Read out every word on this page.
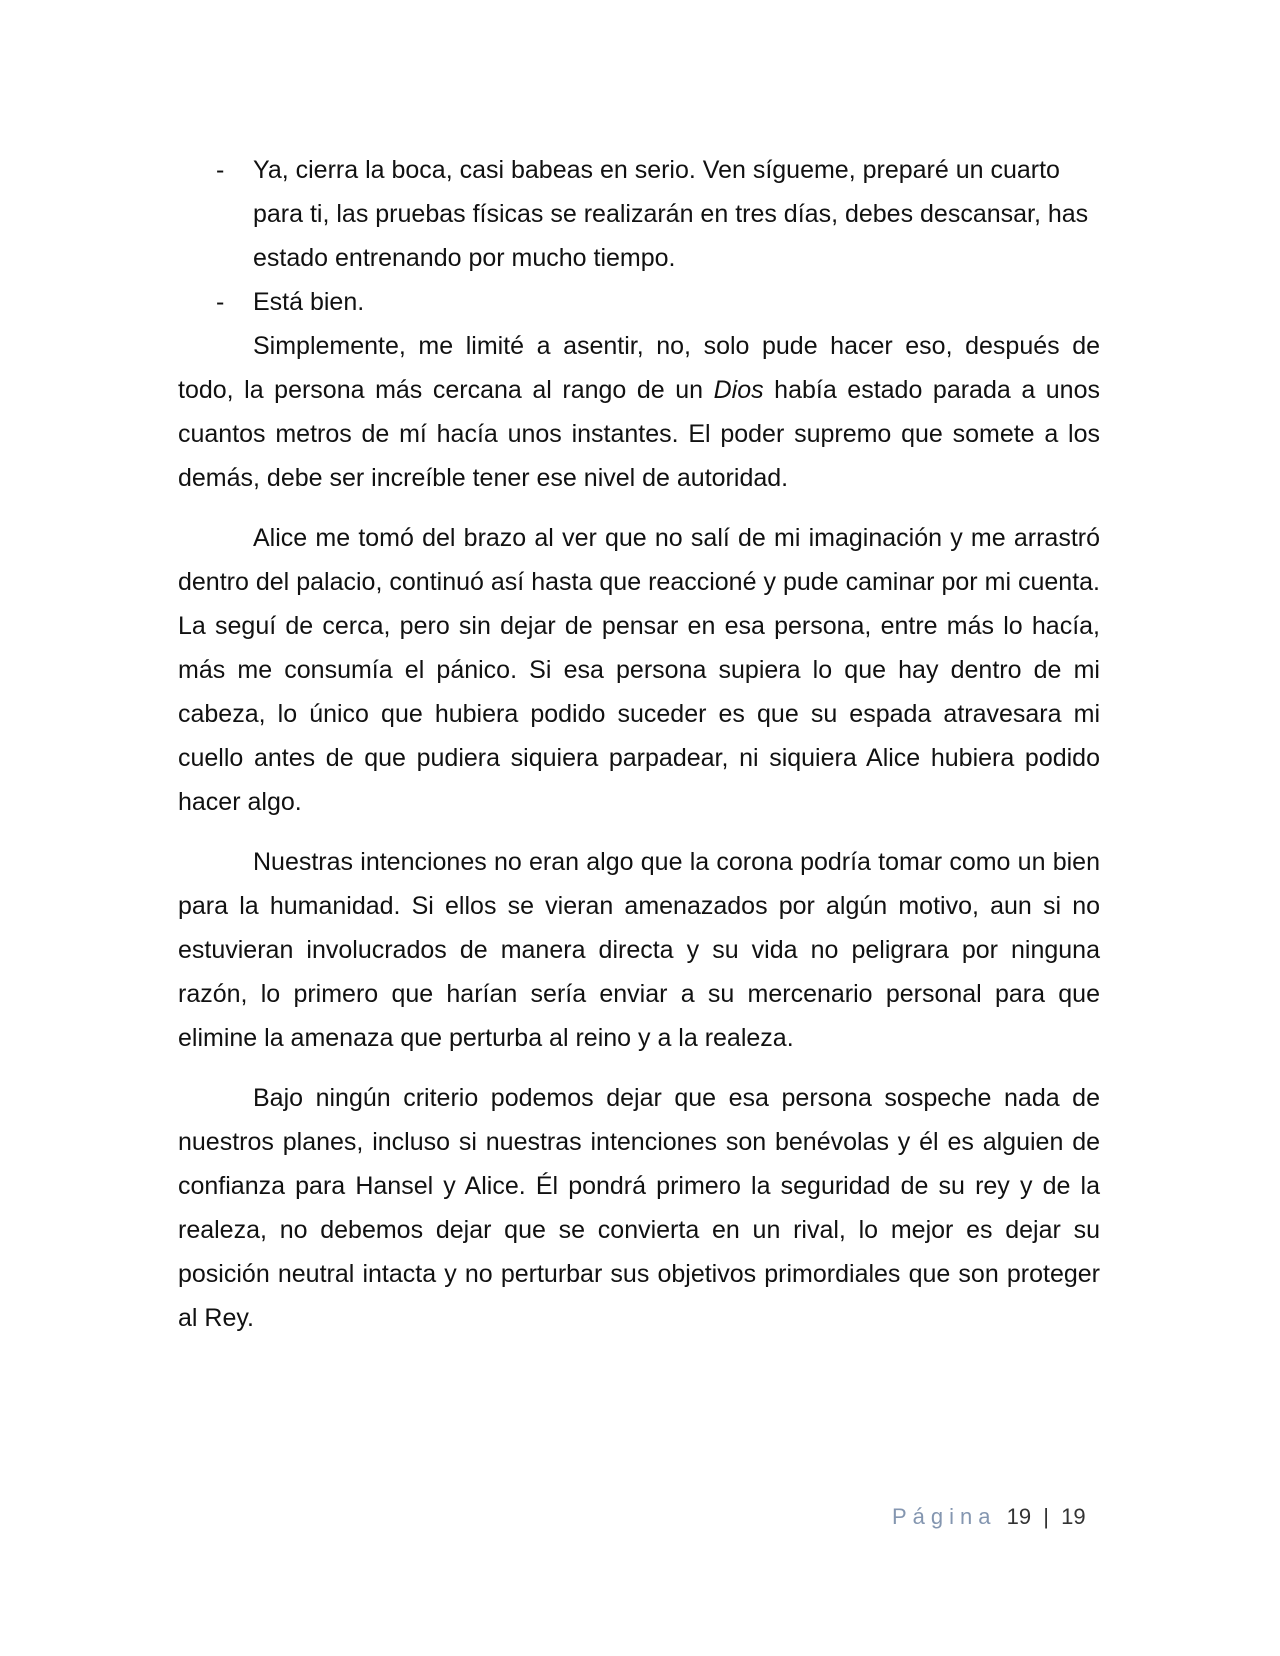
- Ya, cierra la boca, casi babeas en serio. Ven sígueme, preparé un cuarto para ti, las pruebas físicas se realizarán en tres días, debes descansar, has estado entrenando por mucho tiempo.

- Está bien.

Simplemente, me limité a asentir, no, solo pude hacer eso, después de todo, la persona más cercana al rango de un Dios había estado parada a unos cuantos metros de mí hacía unos instantes. El poder supremo que somete a los demás, debe ser increíble tener ese nivel de autoridad.

Alice me tomó del brazo al ver que no salí de mi imaginación y me arrastró dentro del palacio, continuó así hasta que reaccioné y pude caminar por mi cuenta. La seguí de cerca, pero sin dejar de pensar en esa persona, entre más lo hacía, más me consumía el pánico. Si esa persona supiera lo que hay dentro de mi cabeza, lo único que hubiera podido suceder es que su espada atravesara mi cuello antes de que pudiera siquiera parpadear, ni siquiera Alice hubiera podido hacer algo.

Nuestras intenciones no eran algo que la corona podría tomar como un bien para la humanidad. Si ellos se vieran amenazados por algún motivo, aun si no estuvieran involucrados de manera directa y su vida no peligrara por ninguna razón, lo primero que harían sería enviar a su mercenario personal para que elimine la amenaza que perturba al reino y a la realeza.

Bajo ningún criterio podemos dejar que esa persona sospeche nada de nuestros planes, incluso si nuestras intenciones son benévolas y él es alguien de confianza para Hansel y Alice. Él pondrá primero la seguridad de su rey y de la realeza, no debemos dejar que se convierta en un rival, lo mejor es dejar su posición neutral intacta y no perturbar sus objetivos primordiales que son proteger al Rey.

Página 19 | 19
